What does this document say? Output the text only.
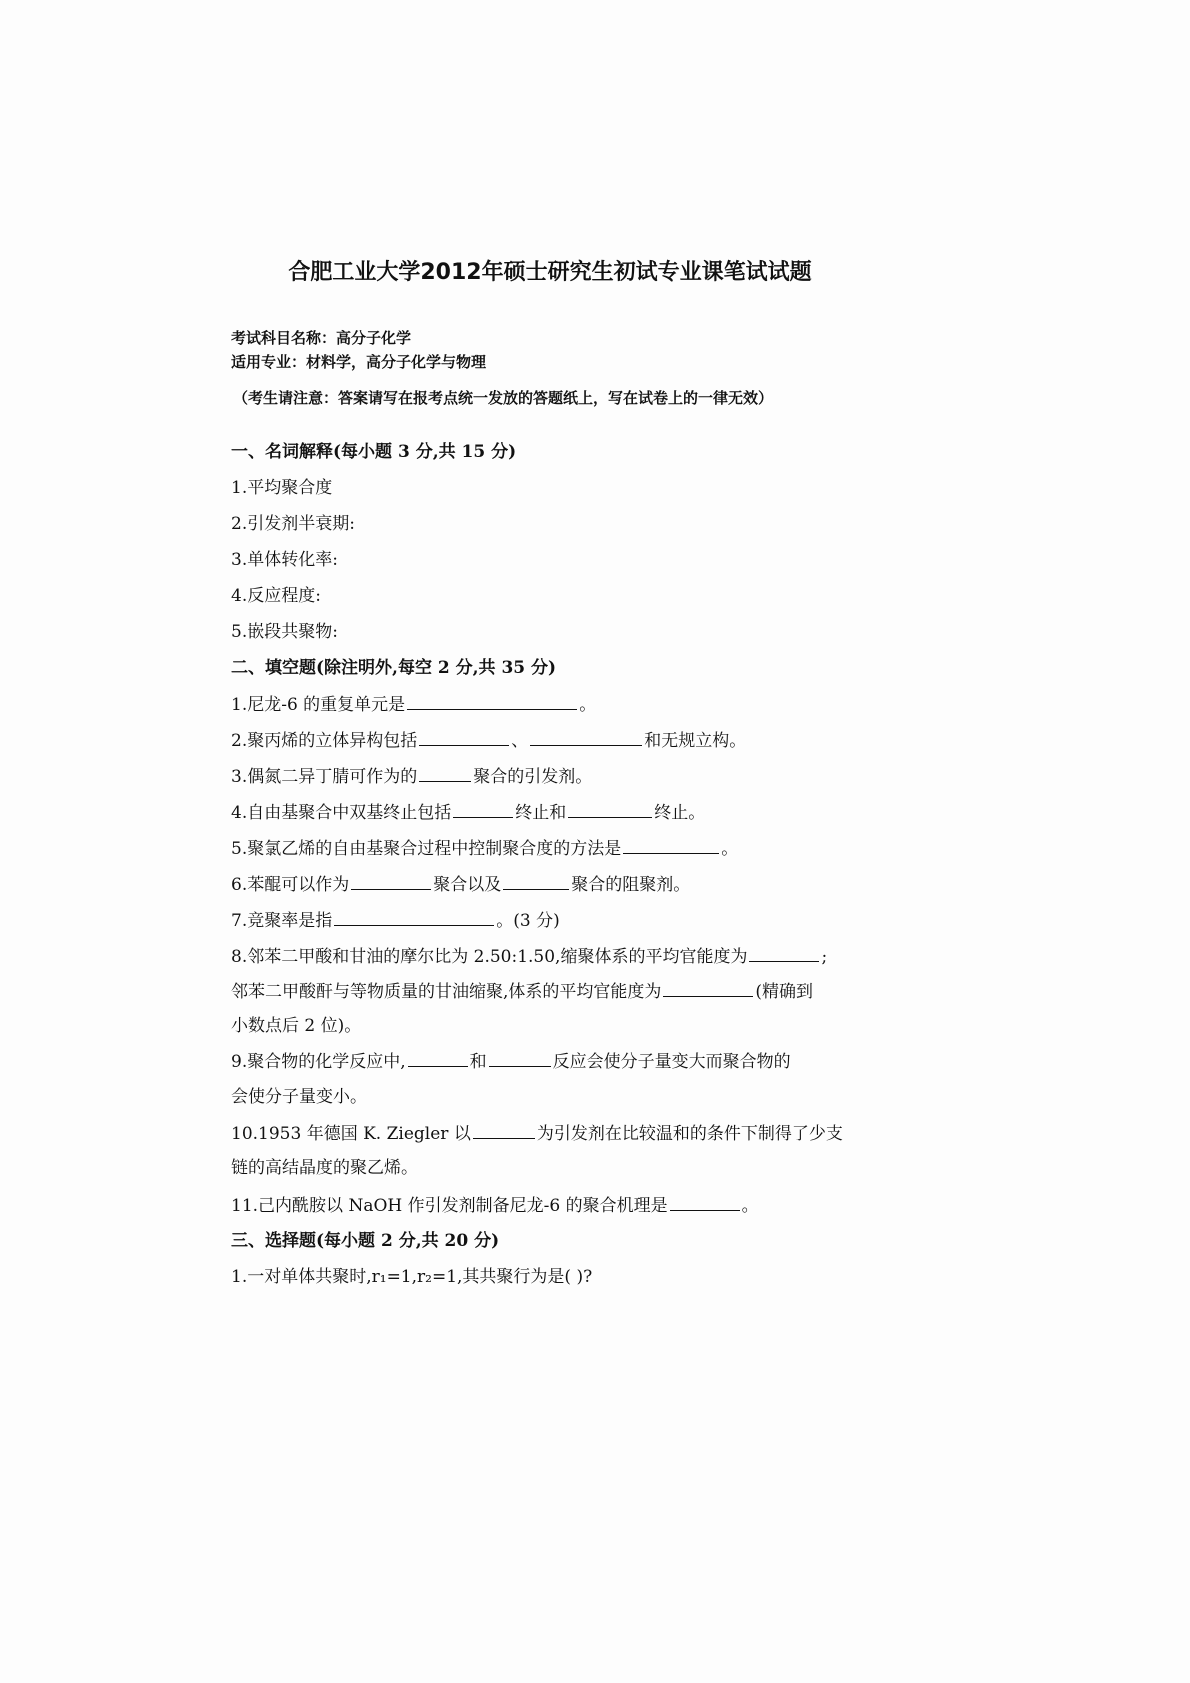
合肥工业大学2012年硕士研究生初试专业课笔试试题
考试科目名称：高分子化学
适用专业：材料学，高分子化学与物理
（考生请注意：答案请写在报考点统一发放的答题纸上，写在试卷上的一律无效）
一、名词解释(每小题 3 分,共 15 分)
1.平均聚合度
2.引发剂半衰期:
3.单体转化率:
4.反应程度:
5.嵌段共聚物:
二、填空题(除注明外,每空 2 分,共 35 分)
1.尼龙-6 的重复单元是	。
2.聚丙烯的立体异构包括	、	和无规立构。
3.偶氮二异丁腈可作为的	聚合的引发剂。
4.自由基聚合中双基终止包括	终止和	终止。
5.聚氯乙烯的自由基聚合过程中控制聚合度的方法是	。
6.苯醌可以作为	聚合以及	聚合的阻聚剂。
7.竞聚率是指	。(3 分)
8.邻苯二甲酸和甘油的摩尔比为 2.50:1.50,缩聚体系的平均官能度为	;
邻苯二甲酸酐与等物质量的甘油缩聚,体系的平均官能度为	(精确到
小数点后 2 位)。
9.聚合物的化学反应中,	和	反应会使分子量变大而聚合物的
会使分子量变小。
10.1953 年德国 K. Ziegler 以	为引发剂在比较温和的条件下制得了少支
链的高结晶度的聚乙烯。
11.己内酰胺以 NaOH 作引发剂制备尼龙-6 的聚合机理是	。
三、选择题(每小题 2 分,共 20 分)
1.一对单体共聚时,r₁=1,r₂=1,其共聚行为是( )?
